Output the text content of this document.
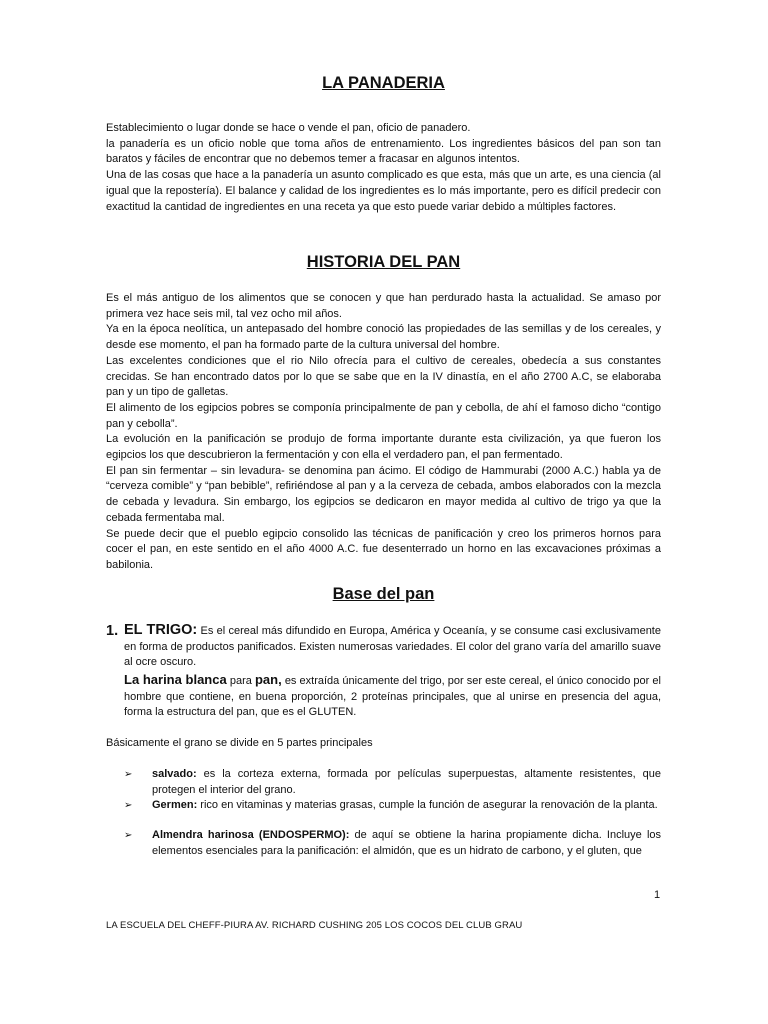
LA PANADERIA
Establecimiento o lugar donde se hace o vende el pan, oficio de panadero.
la panadería es un oficio noble que toma años de entrenamiento. Los ingredientes básicos del pan son tan baratos y fáciles de encontrar que no debemos temer a fracasar en algunos intentos.
Una de las cosas que hace a la panadería un asunto complicado es que esta, más que un arte, es una ciencia (al igual que la repostería). El balance y calidad de los ingredientes es lo más importante, pero es difícil predecir con exactitud la cantidad de ingredientes en una receta ya que esto puede variar debido a múltiples factores.
HISTORIA DEL PAN
Es el más antiguo de los alimentos que se conocen y que han perdurado hasta la actualidad. Se amaso por primera vez hace seis mil, tal vez ocho mil años.
Ya en la época neolítica, un antepasado del hombre conoció las propiedades de las semillas y de los cereales, y desde ese momento, el pan ha formado parte de la cultura universal del hombre.
Las excelentes condiciones que el rio Nilo ofrecía para el cultivo de cereales, obedecía a sus constantes crecidas. Se han encontrado datos por lo que se sabe que en la IV dinastía, en el año 2700 A.C, se elaboraba pan y un tipo de galletas.
El alimento de los egipcios pobres se componía principalmente de pan y cebolla, de ahí el famoso dicho “contigo pan y cebolla”.
La evolución en la panificación se produjo de forma importante durante esta civilización, ya que fueron los egipcios los que descubrieron la fermentación y con ella el verdadero pan, el pan fermentado.
El pan sin fermentar – sin levadura- se denomina pan ácimo. El código de Hammurabi (2000 A.C.) habla ya de “cerveza comible” y “pan bebible”, refiriéndose al pan y a la cerveza de cebada, ambos elaborados con la mezcla de cebada y levadura. Sin embargo, los egipcios se dedicaron en mayor medida al cultivo de trigo ya que la cebada fermentaba mal.
Se puede decir que el pueblo egipcio consolido las técnicas de panificación y creo los primeros hornos para cocer el pan, en este sentido en el año 4000 A.C. fue desenterrado un horno en las excavaciones próximas a babilonia.
Base del pan
1. EL TRIGO: Es el cereal más difundido en Europa, América y Oceanía, y se consume casi exclusivamente en forma de productos panificados. Existen numerosas variedades. El color del grano varía del amarillo suave al ocre oscuro.
La harina blanca para pan, es extraída únicamente del trigo, por ser este cereal, el único conocido por el hombre que contiene, en buena proporción, 2 proteínas principales, que al unirse en presencia del agua, forma la estructura del pan, que es el GLUTEN.
Básicamente el grano se divide en 5 partes principales
➢ salvado: es la corteza externa, formada por películas superpuestas, altamente resistentes, que protegen el interior del grano.
➢ Germen: rico en vitaminas y materias grasas, cumple la función de asegurar la renovación de la planta.
➢ Almendra harinosa (ENDOSPERMO): de aquí se obtiene la harina propiamente dicha. Incluye los elementos esenciales para la panificación: el almidón, que es un hidrato de carbono, y el gluten, que
1
LA ESCUELA DEL CHEFF-PIURA AV. RICHARD CUSHING 205 LOS COCOS DEL CLUB GRAU
